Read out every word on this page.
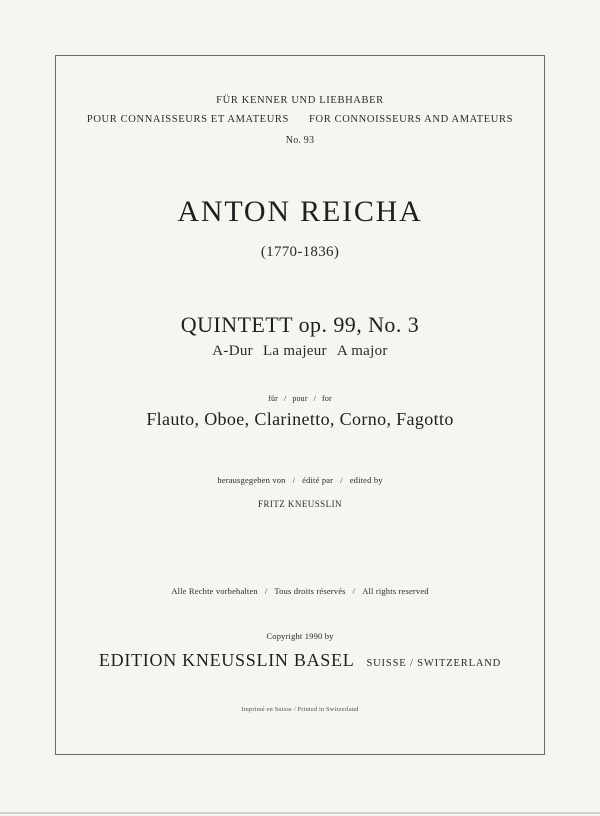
FÜR KENNER UND LIEBHABER
POUR CONNAISSEURS ET AMATEURS FOR CONNOISSEURS AND AMATEURS
No. 93
ANTON REICHA
(1770-1836)
QUINTETT op. 99, No. 3
A-Dur La majeur A major
für / pour / for
Flauto, Oboe, Clarinetto, Corno, Fagotto
herausgegeben von / édité par / edited by
FRITZ KNEUSSLIN
Alle Rechte vorbehalten / Tous droits réservés / All rights reserved
Copyright 1990 by
EDITION KNEUSSLIN BASEL SUISSE / SWITZERLAND
Imprimé en Suisse / Printed in Switzerland
